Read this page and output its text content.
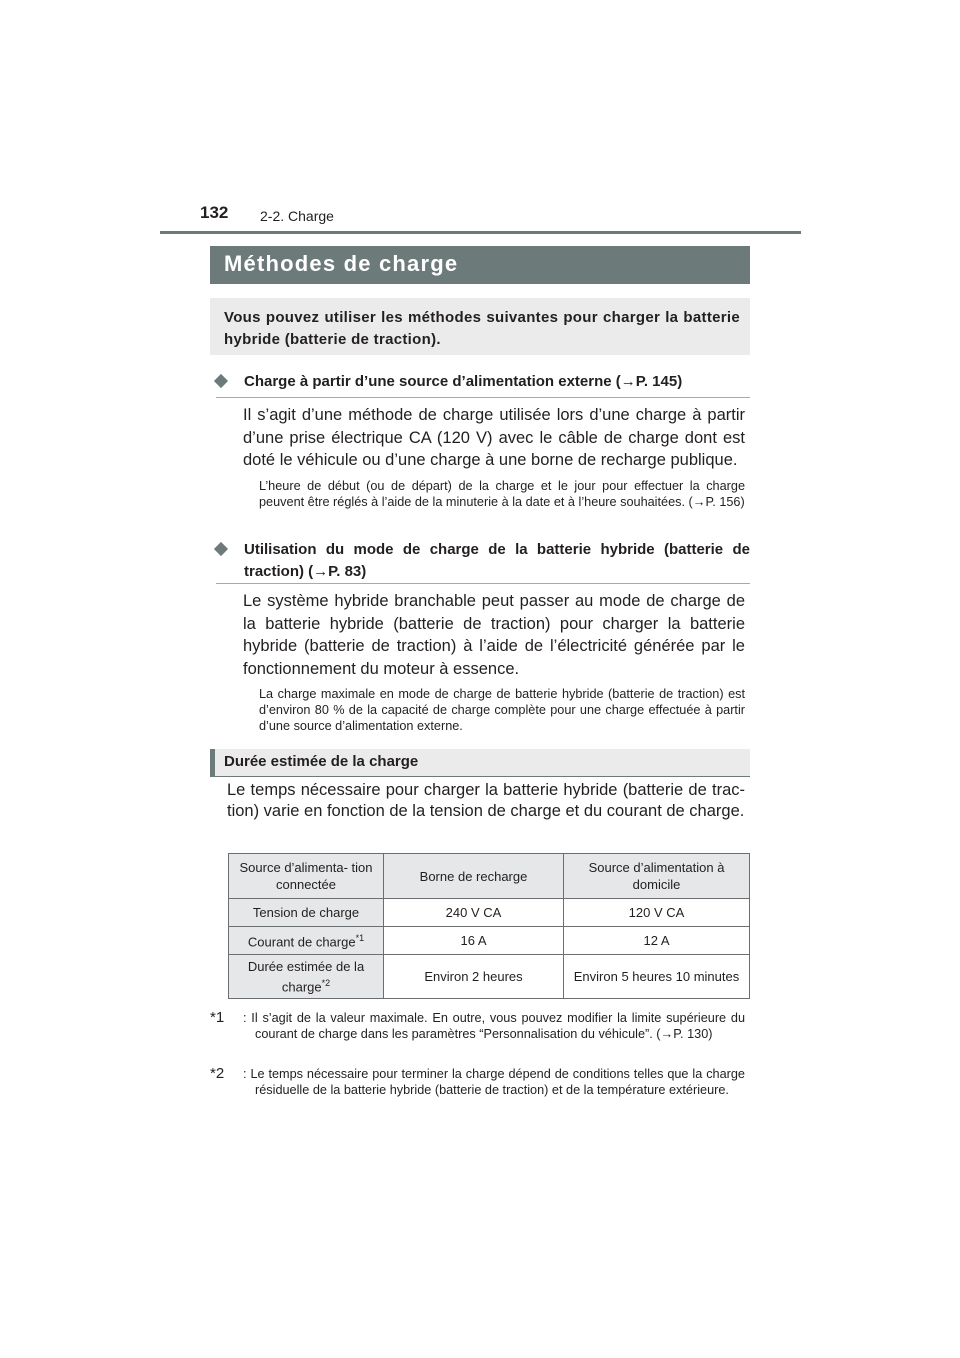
132 2-2. Charge
Méthodes de charge

Vous pouvez utiliser les méthodes suivantes pour charger la batterie hybride (batterie de traction).

Charge à partir d’une source d’alimentation externe (→P. 145)
Il s’agit d’une méthode de charge utilisée lors d’une charge à partir d’une prise électrique CA (120 V) avec le câble de charge dont est doté le véhicule ou d’une charge à une borne de recharge publique.
L’heure de début (ou de départ) de la charge et le jour pour effectuer la charge peuvent être réglés à l’aide de la minuterie à la date et à l’heure souhaitées. (→P. 156)
Utilisation du mode de charge de la batterie hybride (batterie de traction) (→P. 83)
Le système hybride branchable peut passer au mode de charge de la batterie hybride (batterie de traction) pour charger la batterie hybride (batterie de traction) à l’aide de l’électricité générée par le fonctionnement du moteur à essence.
La charge maximale en mode de charge de batterie hybride (batterie de traction) est d’environ 80 % de la capacité de charge complète pour une charge effectuée à partir d’une source d’alimentation externe.
Durée estimée de la charge
Le temps nécessaire pour charger la batterie hybride (batterie de trac- tion) varie en fonction de la tension de charge et du courant de charge.
Source d’alimenta- tion connectée	Borne de recharge	Source d’alimentation à domicile
Tension de charge	240 V CA	120 V CA
Courant de charge$^{*1}$	16 A	12 A
Durée estimée de la charge$^{*2}$	Environ 2 heures	Environ 5 heures 10 minutes
*1	: Il s’agit de la valeur maximale. En outre, vous pouvez modifier la limite supérieure du courant de charge dans les paramètres “Personnalisation du véhicule”. (→P. 130)
*2	: Le temps nécessaire pour terminer la charge dépend de conditions telles que la charge résiduelle de la batterie hybride (batterie de traction) et de la température extérieure.
